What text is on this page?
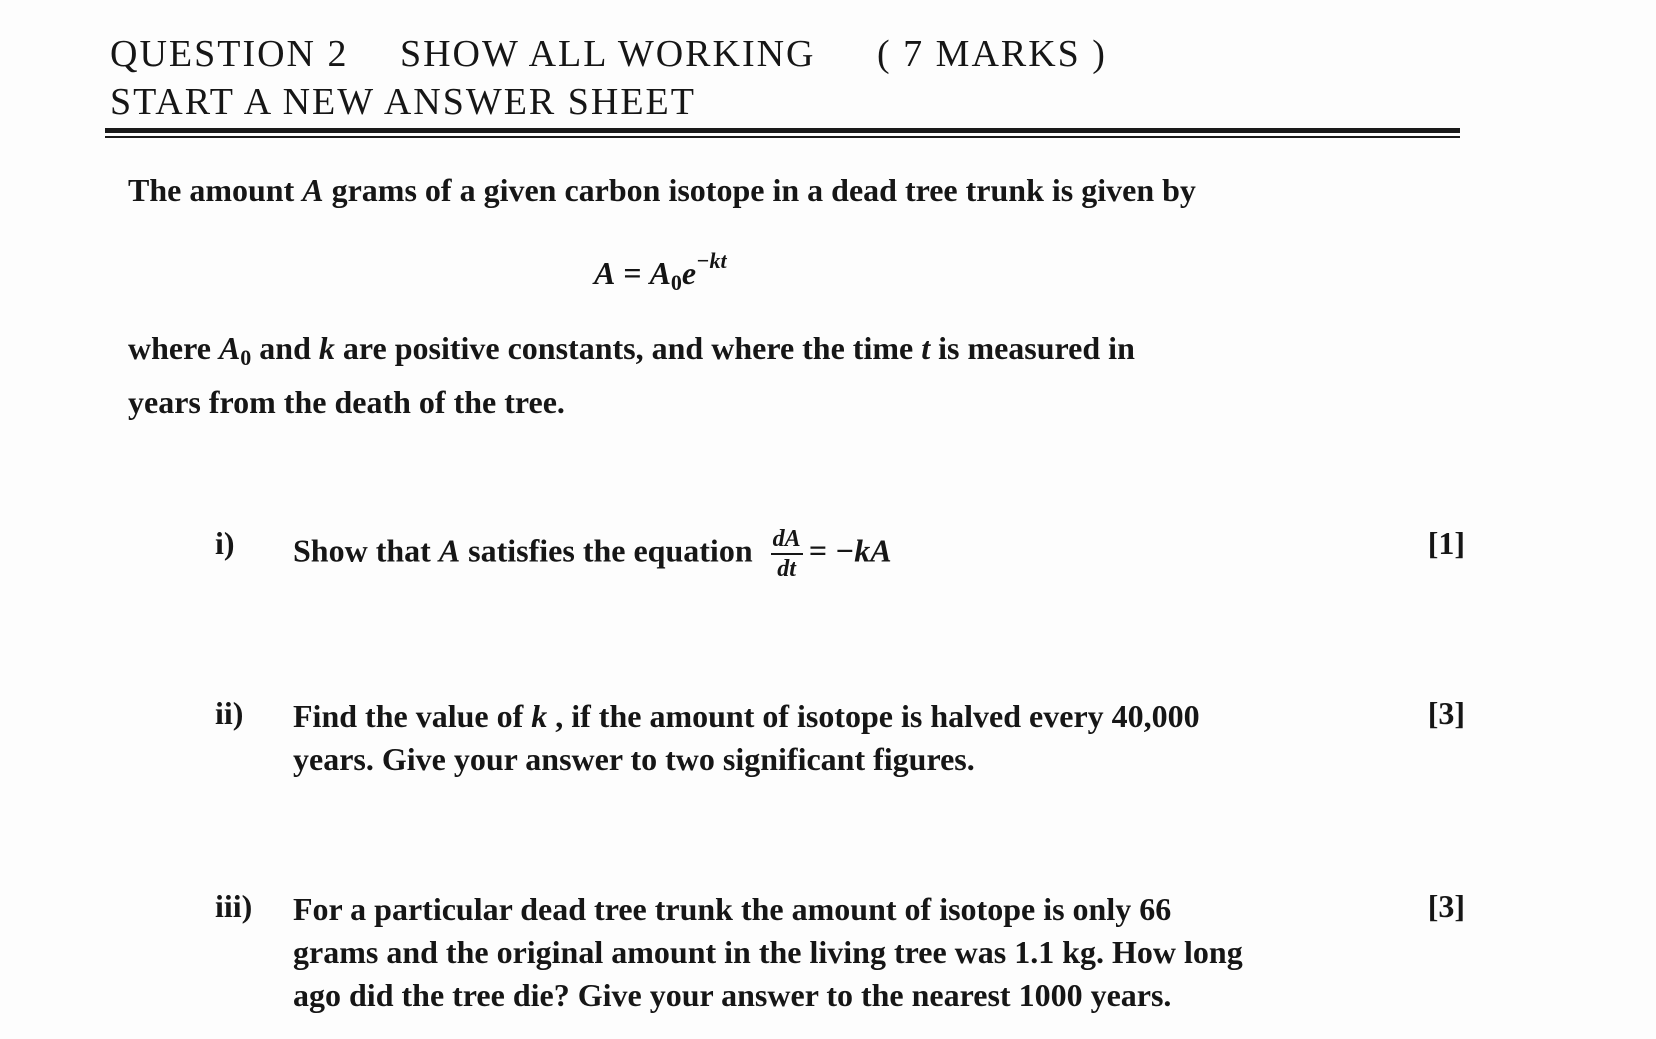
QUESTION 2 SHOW ALL WORKING ( 7 MARKS )
START A NEW ANSWER SHEET
The amount A grams of a given carbon isotope in a dead tree trunk is given by
$A = A_0e^{-kt}$
where $A_0$ and k are positive constants, and where the time t is measured in
years from the death of the tree.
i) Show that A satisfies the equation $\frac{dA}{dt} = -kA$	[1]
ii) Find the value of k , if the amount of isotope is halved every 40,000
years. Give your answer to two significant figures.
[3]
iii) For a particular dead tree trunk the amount of isotope is only 66
grams and the original amount in the living tree was 1.1 kg. How long
ago did the tree die? Give your answer to the nearest 1000 years.
[3]
